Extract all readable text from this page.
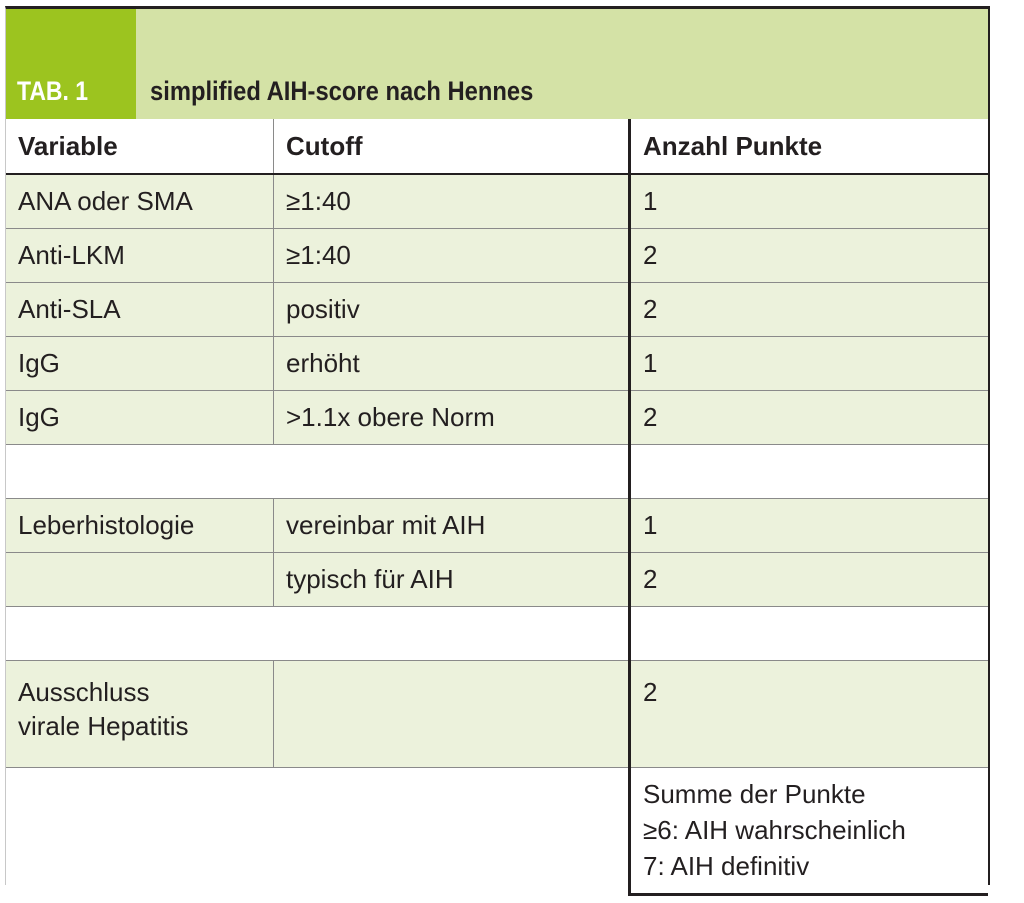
TAB. 1 simplified AIH-score nach Hennes
Variable	Cutoff	Anzahl Punkte
ANA oder SMA	≥1:40	1
Anti-LKM	≥1:40	2
Anti-SLA	positiv	2
IgG	erhöht	1
IgG	>1.1x obere Norm	2

Leberhistologie	vereinbar mit AIH	1
	typisch für AIH	2

Ausschluss
virale Hepatitis		2

		Summe der Punkte
≥6: AIH wahrscheinlich
7: AIH definitiv
